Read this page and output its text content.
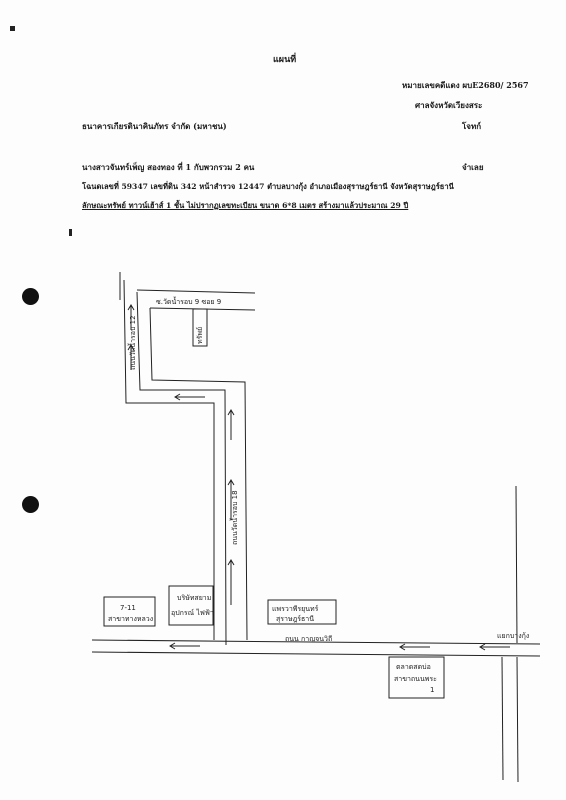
แผนที่
หมายเลขคดีแดง ผบE2680/ 2567
ศาลจังหวัดเวียงสระ
ธนาคารเกียรตินาคินภัทร จำกัด (มหาชน)	โจทก์
นางสาวจันทร์เพ็ญ สองทอง ที่ 1 กับพวกรวม 2 คน	จำเลย
โฉนดเลขที่ 59347 เลขที่ดิน 342 หน้าสำรวจ 12447 ตำบลบางกุ้ง อำเภอเมืองสุราษฎร์ธานี จังหวัดสุราษฎร์ธานี
ลักษณะทรัพย์ ทาวน์เฮ้าส์ 1 ชั้น ไม่ปรากฏเลขทะเบียน ขนาด 6*8 เมตร สร้างมาแล้วประมาณ 29 ปี
ซ.วัดน้ำรอบ 9 ซอย 9
ทรัพย์
ถนนวัดน้ำรอบ 12
ถนนวัดน้ำรอบ 18
7-11
สาขาทางหลวง
บริษัทสยาม
อุปกรณ์ ไฟฟ้า	แพรวาพีรยุนทร์
สุราษฎร์ธานี
ถนน กาญจนวิถี	แยกบางกุ้ง
ตลาดสดบ่อ
สาขาถนนพระ
1
